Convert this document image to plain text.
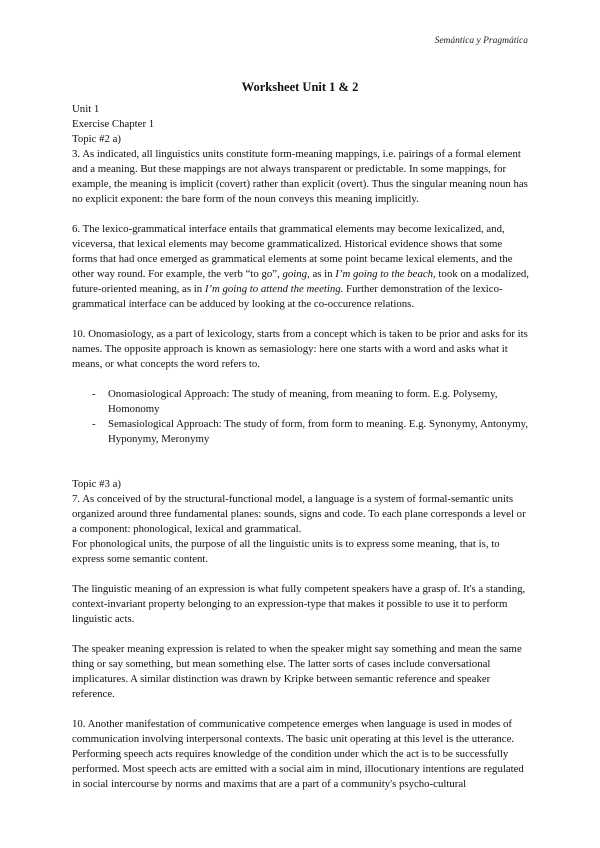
Semántica y Pragmática
Worksheet Unit 1 & 2

Unit 1

Exercise Chapter 1

Topic #2 a)

3. As indicated, all linguistics units constitute form-meaning mappings, i.e. pairings of a formal element and a meaning. But these mappings are not always transparent or predictable. In some mappings, for example, the meaning is implicit (covert) rather than explicit (overt). Thus the singular meaning noun has no explicit exponent: the bare form of the noun conveys this meaning implicitly.

6. The lexico-grammatical interface entails that grammatical elements may become lexicalized, and, viceversa, that lexical elements may become grammaticalized. Historical evidence shows that some forms that had once emerged as grammatical elements at some point became lexical elements, and the other way round. For example, the verb “to go”, going, as in I’m going to the beach, took on a modalized, future-oriented meaning, as in I’m going to attend the meeting. Further demonstration of the lexico-grammatical interface can be adduced by looking at the co-occurence relations.

10. Onomasiology, as a part of lexicology, starts from a concept which is taken to be prior and asks for its names. The opposite approach is known as semasiology: here one starts with a word and asks what it means, or what concepts the word refers to.

- Onomasiological Approach: The study of meaning, from meaning to form. E.g. Polysemy, Homonomy
- Semasiological Approach: The study of form, from form to meaning. E.g. Synonymy, Antonymy, Hyponymy, Meronymy

Topic #3 a)

7. As conceived of by the structural-functional model, a language is a system of formal-semantic units organized around three fundamental planes: sounds, signs and code. To each plane corresponds a level or a component: phonological, lexical and grammatical.

For phonological units, the purpose of all the linguistic units is to express some meaning, that is, to express some semantic content.

The linguistic meaning of an expression is what fully competent speakers have a grasp of. It's a standing, context-invariant property belonging to an expression-type that makes it possible to use it to perform linguistic acts.

The speaker meaning expression is related to when the speaker might say something and mean the same thing or say something, but mean something else. The latter sorts of cases include conversational implicatures. A similar distinction was drawn by Kripke between semantic reference and speaker reference.

10. Another manifestation of communicative competence emerges when language is used in modes of communication involving interpersonal contexts. The basic unit operating at this level is the utterance. Performing speech acts requires knowledge of the condition under which the act is to be successfully performed. Most speech acts are emitted with a social aim in mind, illocutionary intentions are regulated in social intercourse by norms and maxims that are a part of a community's psycho-cultural
